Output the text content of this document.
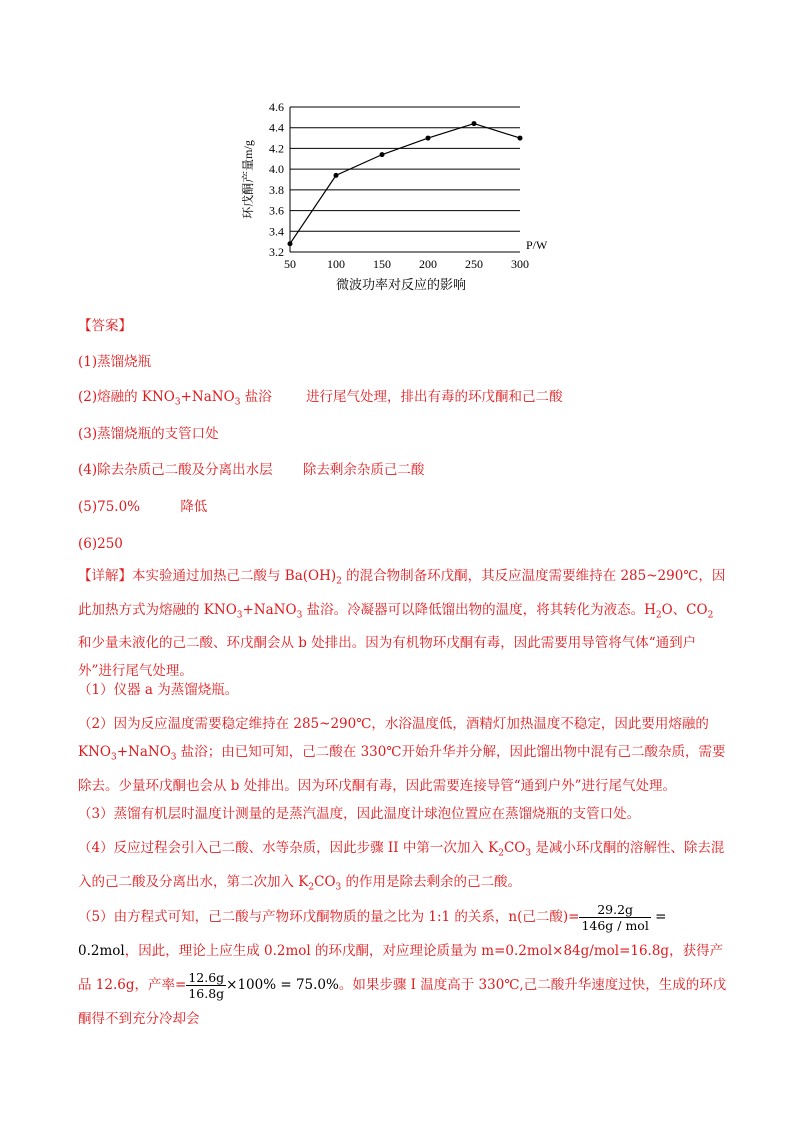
3.2
3.4
3.6
3.8
4.0
4.2
4.4
4.6
50	100 150 200 250 300
P/W
环戊酮产量m/g
微波功率对反应的影响
【答案】
(1)蒸馏烧瓶
(2)熔融的 $KNO_3+NaNO_3$ 盐浴	进行尾气处理，排出有毒的环戊酮和己二酸
(3)蒸馏烧瓶的支管口处
(4)除去杂质己二酸及分离出水层 除去剩余杂质己二酸
(5)75.0%	降低
(6)250
【详解】本实验通过加热己二酸与 $Ba(OH)_2$ 的混合物制备环戊酮，其反应温度需要维持在 285~290℃，因此加热方式为熔融的 $KNO_3+NaNO_3$ 盐浴。冷凝器可以降低馏出物的温度，将其转化为液态。$H_2O$、$CO_2$ 和少量未液化的己二酸、环戊酮会从 b 处排出。因为有机物环戊酮有毒，因此需要用导管将气体“通到户外”进行尾气处理。
（1）仪器 a 为蒸馏烧瓶。
（2）因为反应温度需要稳定维持在 285~290℃，水浴温度低，酒精灯加热温度不稳定，因此要用熔融的 $KNO_3+NaNO_3$ 盐浴；由已知可知，己二酸在 330℃开始升华并分解，因此馏出物中混有己二酸杂质，需要除去。少量环戊酮也会从 b 处排出。因为环戊酮有毒，因此需要连接导管“通到户外”进行尾气处理。
（3）蒸馏有机层时温度计测量的是蒸汽温度，因此温度计球泡位置应在蒸馏烧瓶的支管口处。
（4）反应过程会引入己二酸、水等杂质，因此步骤 II 中第一次加入 $K_2CO_3$ 是减小环戊酮的溶解性、除去混入的己二酸及分离出水，第二次加入 $K_2CO_3$ 的作用是除去剩余的己二酸。
（5）由方程式可知，己二酸与产物环戊酮物质的量之比为 1:1 的关系，n(己二酸)= $\frac{29.2g}{\text{146g / mol}} = 0.2mol$，因此，理论上应生成 0.2mol 的环戊酮，对应理论质量为 m=0.2mol×84g/mol=16.8g，获得产品 12.6g，产率= $\frac{12.6g}{16.8g} \times 100\% = 75.0\%$。如果步骤 I 温度高于 330℃,己二酸升华速度过快，生成的环戊酮得不到充分冷却会
